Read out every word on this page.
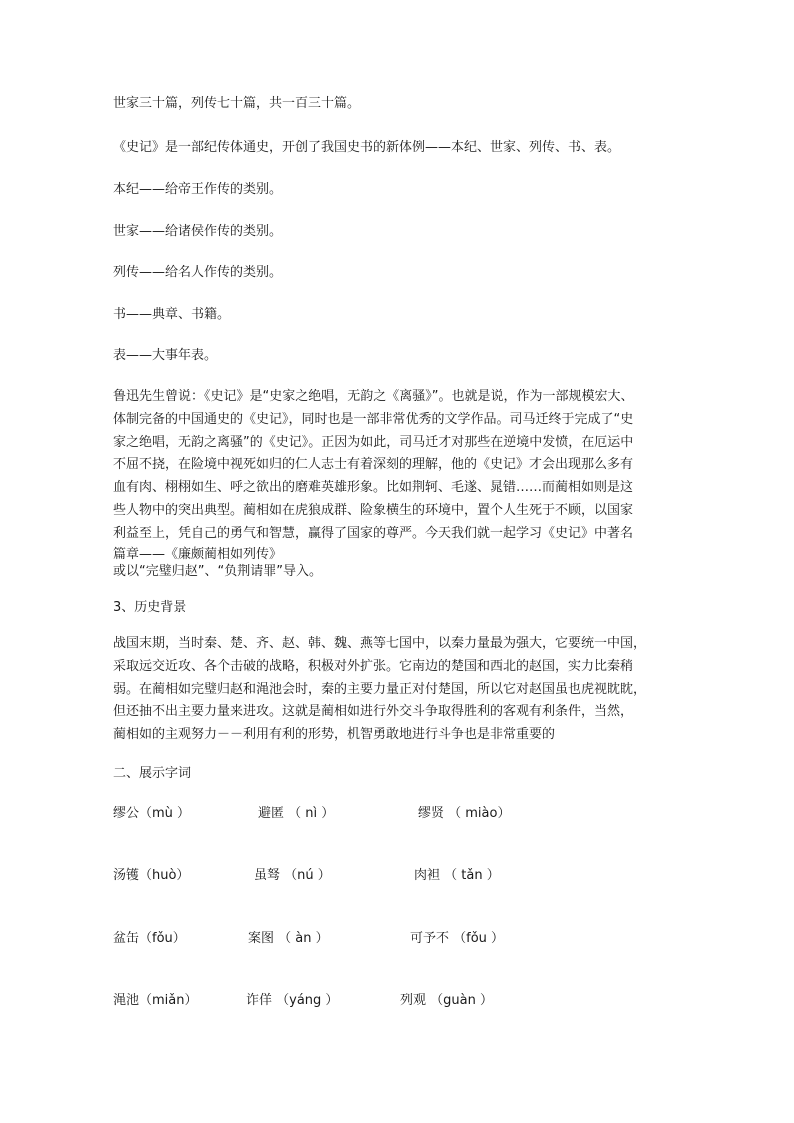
世家三十篇，列传七十篇，共一百三十篇。
《史记》是一部纪传体通史，开创了我国史书的新体例——本纪、世家、列传、书、表。
本纪——给帝王作传的类别。
世家——给诸侯作传的类别。
列传——给名人作传的类别。
书——典章、书籍。
表——大事年表。
鲁迅先生曾说：《史记》是“史家之绝唱，无韵之《离骚》”。也就是说，作为一部规模宏大、
体制完备的中国通史的《史记》，同时也是一部非常优秀的文学作品。司马迁终于完成了“史
家之绝唱，无韵之离骚”的《史记》。正因为如此，司马迁才对那些在逆境中发愤，在厄运中
不屈不挠，在险境中视死如归的仁人志士有着深刻的理解，他的《史记》才会出现那么多有
血有肉、栩栩如生、呼之欲出的磨难英雄形象。比如荆轲、毛遂、晁错……而蔺相如则是这
些人物中的突出典型。蔺相如在虎狼成群、险象横生的环境中，置个人生死于不顾，以国家
利益至上，凭自己的勇气和智慧，赢得了国家的尊严。今天我们就一起学习《史记》中著名
篇章——《廉颇蔺相如列传》
或以“完璧归赵”、“负荆请罪”导入。
3、历史背景
战国末期，当时秦、楚、齐、赵、韩、魏、燕等七国中，以秦力量最为强大，它要统一中国，
采取远交近攻、各个击破的战略，积极对外扩张。它南边的楚国和西北的赵国，实力比秦稍
弱。在蔺相如完璧归赵和渑池会时，秦的主要力量正对付楚国，所以它对赵国虽也虎视眈眈，
但还抽不出主要力量来进攻。这就是蔺相如进行外交斗争取得胜利的客观有利条件，当然，
蔺相如的主观努力－－利用有利的形势，机智勇敢地进行斗争也是非常重要的
二、展示字词
缪公（mù ）	避匿 （ nì ）	缪贤 （ miào）
汤镬（huò）	虽驽 （nú ）	肉袒 （ tǎn ）
盆缶（fǒu）	案图 （ àn ）	可予不 （fǒu ）
渑池（miǎn）	诈佯 （yáng ）	列观 （guàn ）
